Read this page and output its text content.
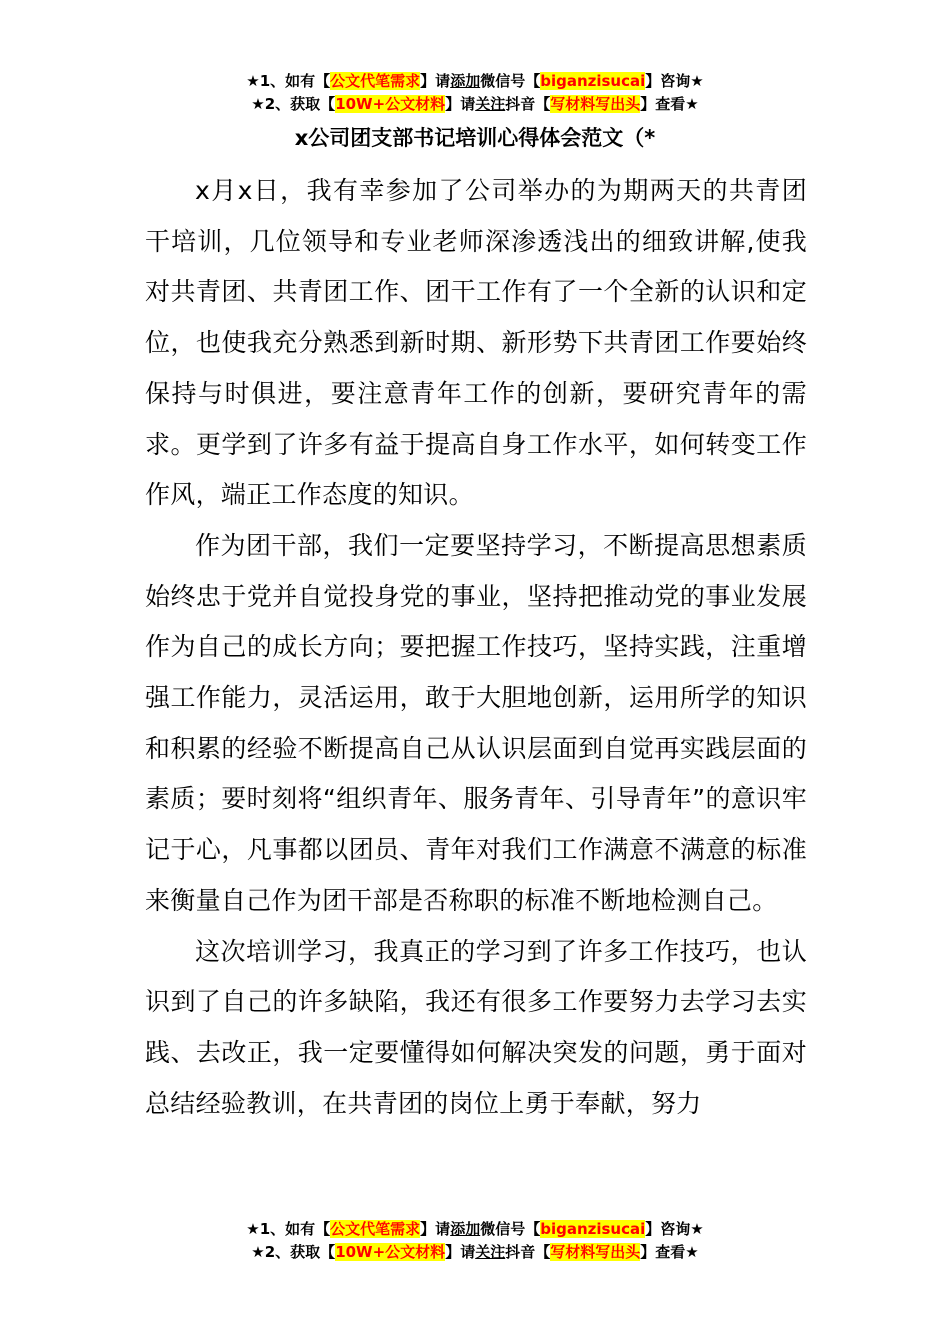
★1、如有【公文代笔需求】请添加微信号【biganzisucai】咨询★
★2、获取【10W+公文材料】请关注抖音【写材料写出头】查看★
x公司团支部书记培训心得体会范文（*

x月x日，我有幸参加了公司举办的为期两天的共青团干培训，几位领导和专业老师深渗透浅出的细致讲解,使我对共青团、共青团工作、团干工作有了一个全新的认识和定位，也使我充分熟悉到新时期、新形势下共青团工作要始终保持与时俱进，要注意青年工作的创新，要研究青年的需求。更学到了许多有益于提高自身工作水平，如何转变工作作风，端正工作态度的知识。

作为团干部，我们一定要坚持学习，不断提高思想素质始终忠于党并自觉投身党的事业，坚持把推动党的事业发展作为自己的成长方向；要把握工作技巧，坚持实践，注重增强工作能力，灵活运用，敢于大胆地创新，运用所学的知识和积累的经验不断提高自己从认识层面到自觉再实践层面的素质；要时刻将“组织青年、服务青年、引导青年”的意识牢记于心，凡事都以团员、青年对我们工作满意不满意的标准来衡量自己作为团干部是否称职的标准不断地检测自己。

这次培训学习，我真正的学习到了许多工作技巧，也认识到了自己的许多缺陷，我还有很多工作要努力去学习去实践、去改正，我一定要懂得如何解决突发的问题，勇于面对总结经验教训，在共青团的岗位上勇于奉献，努力

★1、如有【公文代笔需求】请添加微信号【biganzisucai】咨询★
★2、获取【10W+公文材料】请关注抖音【写材料写出头】查看★
